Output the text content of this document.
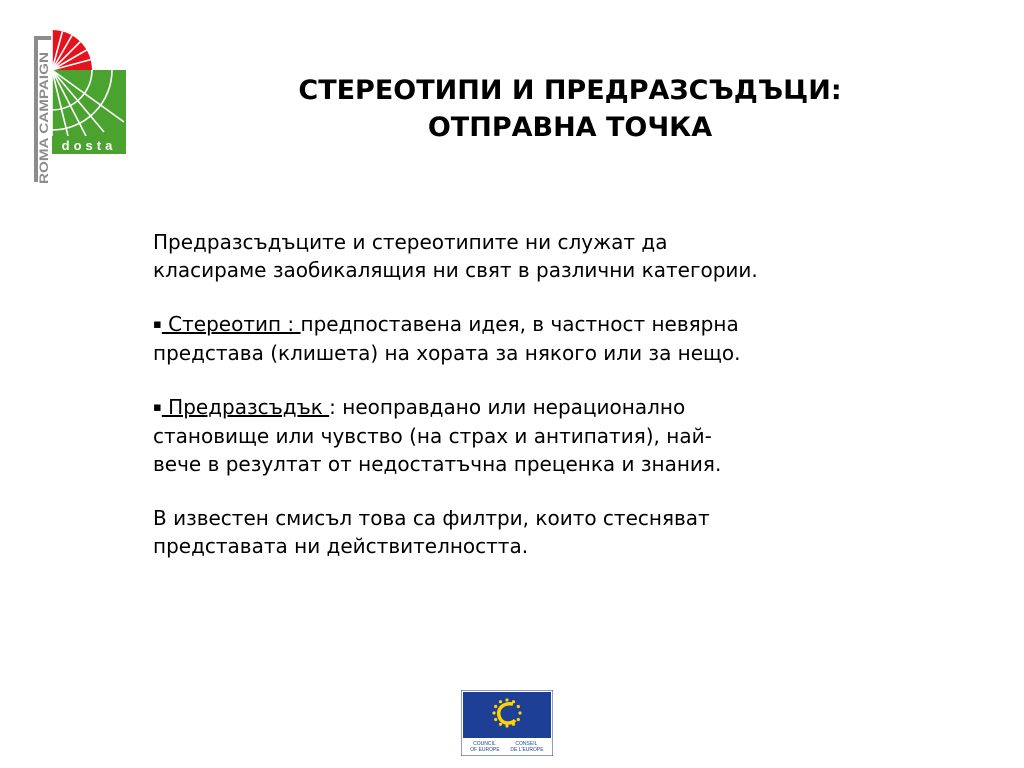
ROMA CAMPAIGN dosta
СТЕРЕОТИПИ И ПРЕДРАЗСЪДЪЦИ:
ОТПРАВНА ТОЧКА
Предразсъдъците и стереотипите ни служат да
класираме заобикалящия ни свят в различни категории.
▪ Стереотип : предпоставена идея, в частност невярна
представа (клишета) на хората за някого или за нещо.
▪ Предразсъдък : неоправдано или нерационално
становище или чувство (на страх и антипатия), най-
вече в резултат от недостатъчна преценка и знания.
В известен смисъл това са филтри, които стесняват
представата ни действителността.
COUNCIL OF EUROPE
CONSEIL DE L'EUROPE
